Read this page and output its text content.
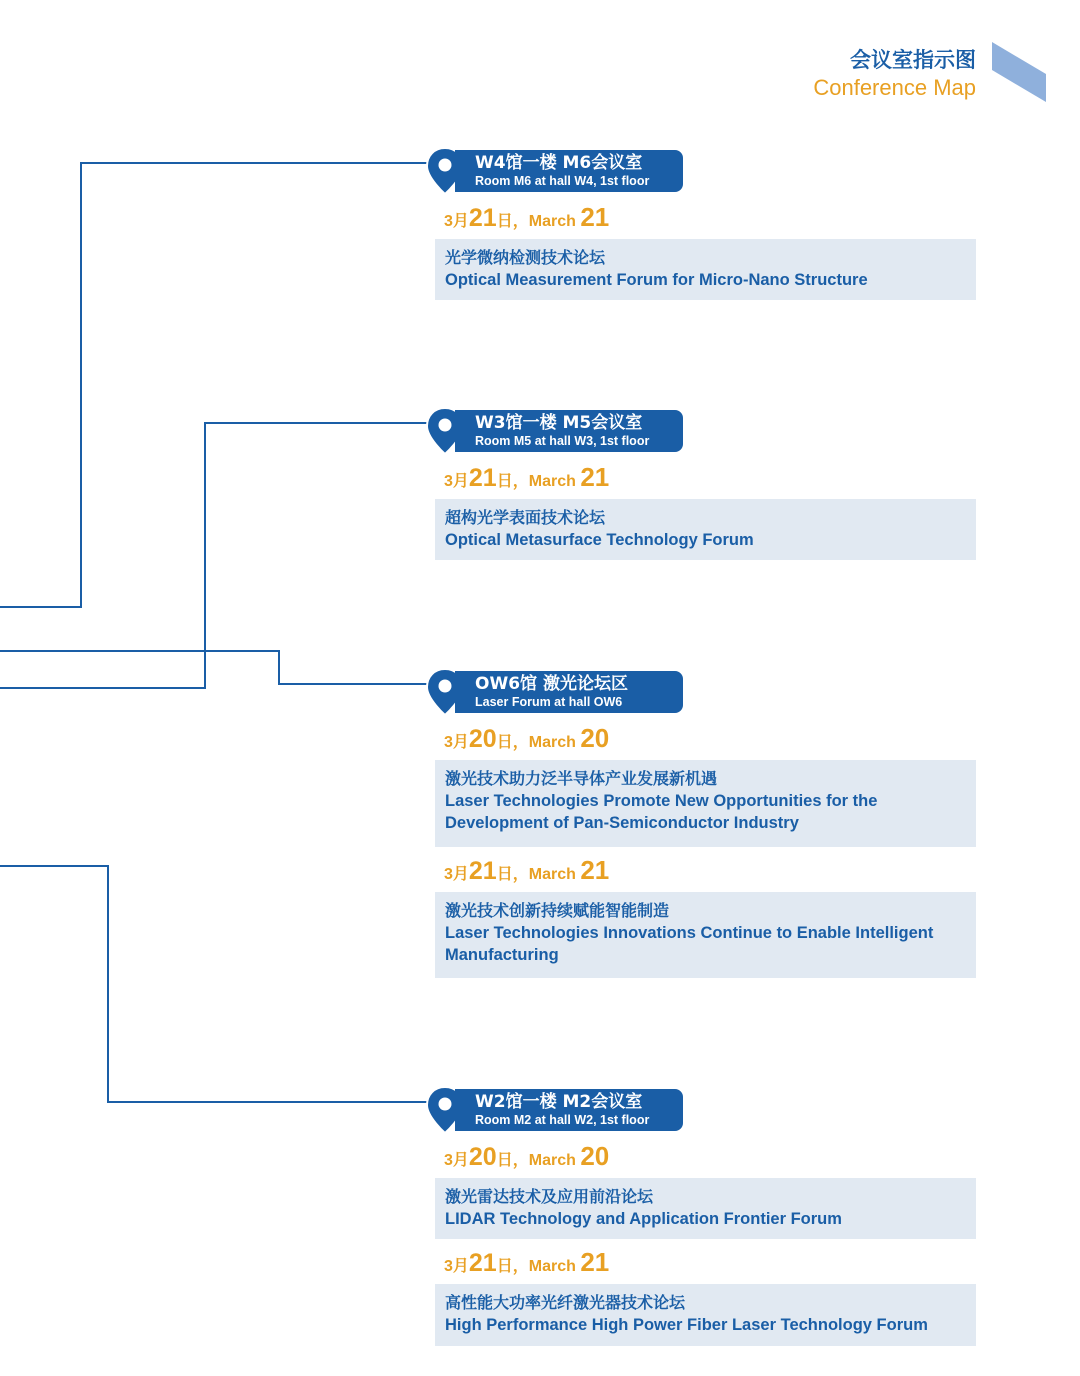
会议室指示图
Conference Map
W4馆一楼 M6会议室
Room M6 at hall W4, 1st floor
3月21日，March 21
光学微纳检测技术论坛
Optical Measurement Forum for Micro-Nano Structure
W3馆一楼 M5会议室
Room M5 at hall W3, 1st floor
3月21日，March 21
超构光学表面技术论坛
Optical Metasurface Technology Forum
OW6馆 激光论坛区
Laser Forum at hall OW6
3月20日，March 20
激光技术助力泛半导体产业发展新机遇
Laser Technologies Promote New Opportunities for the Development of Pan-Semiconductor Industry
3月21日，March 21
激光技术创新持续赋能智能制造
Laser Technologies Innovations Continue to Enable Intelligent Manufacturing
W2馆一楼 M2会议室
Room M2 at hall W2, 1st floor
3月20日，March 20
激光雷达技术及应用前沿论坛
LIDAR Technology and Application Frontier Forum
3月21日，March 21
高性能大功率光纤激光器技术论坛
High Performance High Power Fiber Laser Technology Forum
